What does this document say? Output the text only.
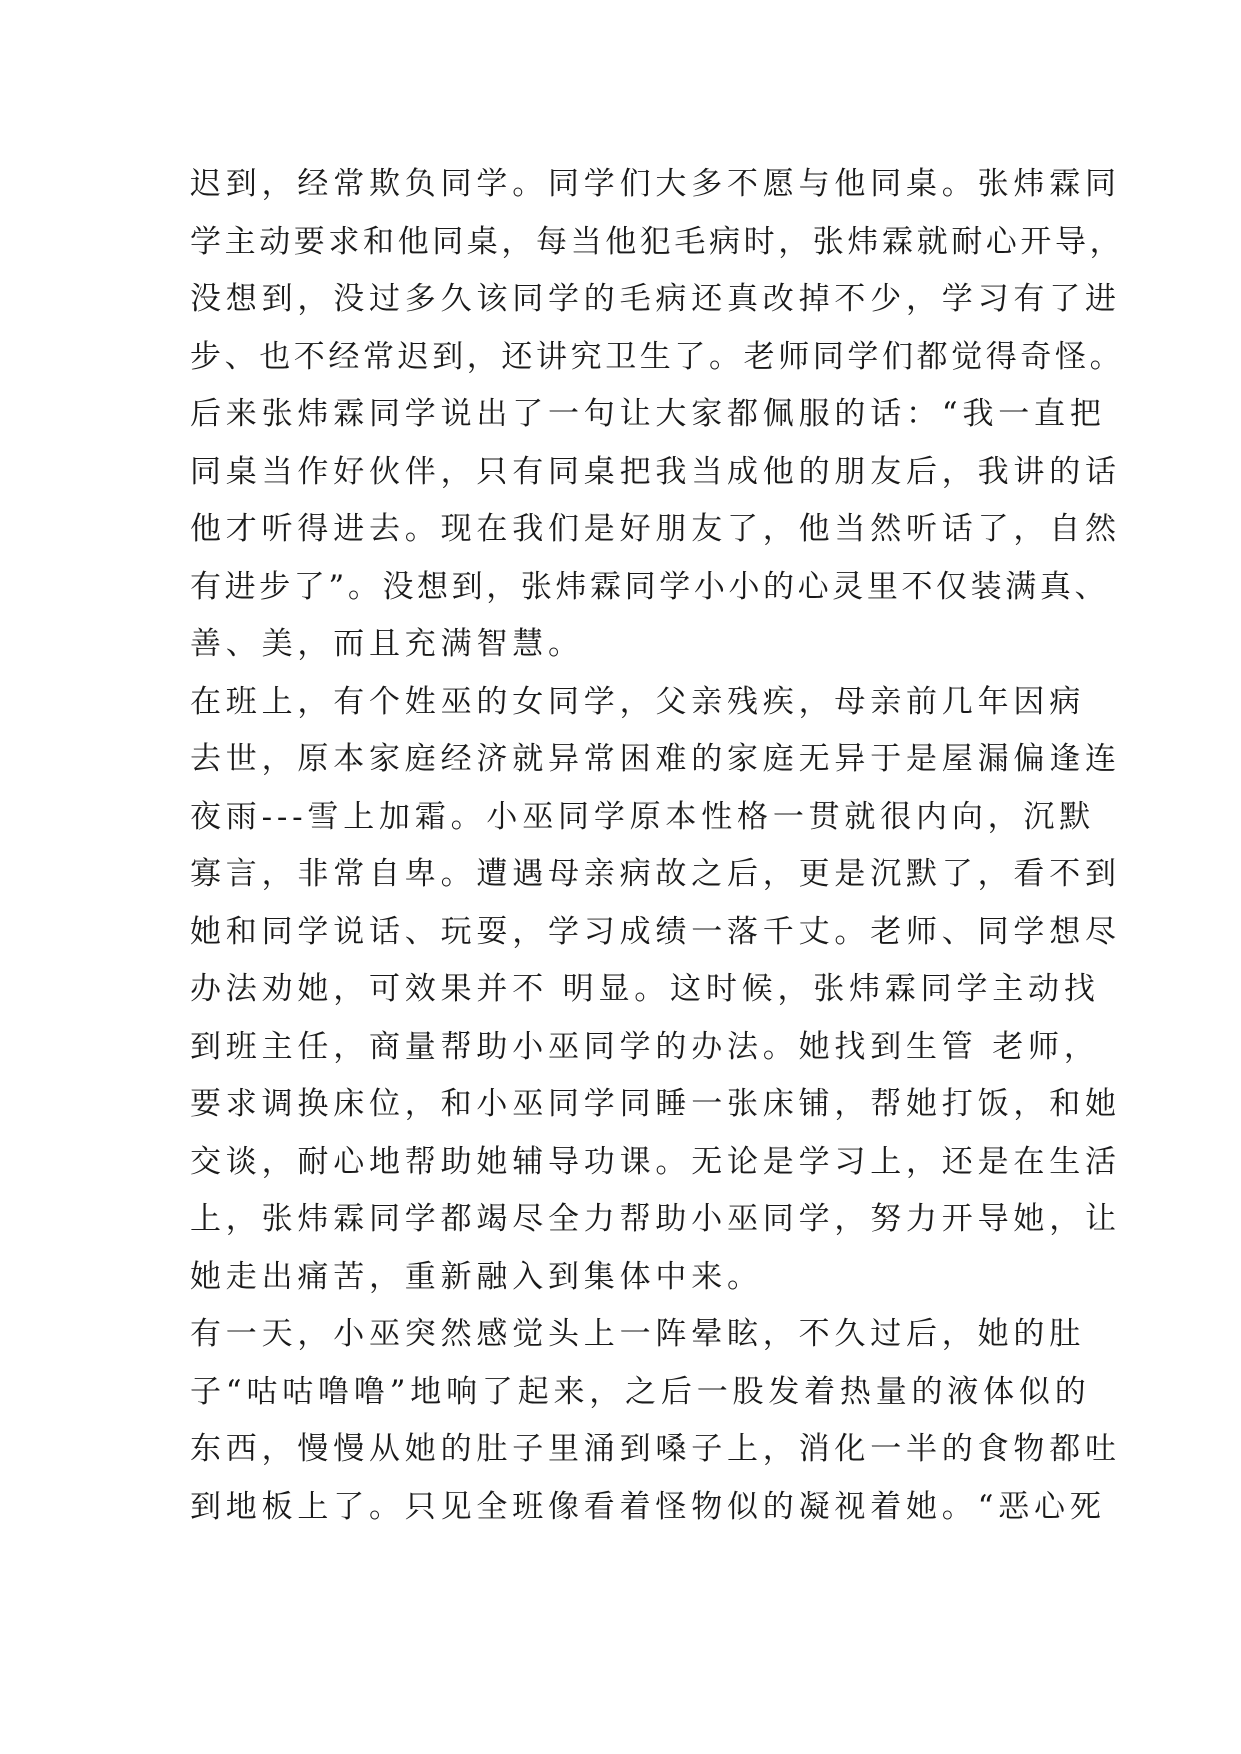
迟到，经常欺负同学。同学们大多不愿与他同桌。张炜霖同
学主动要求和他同桌，每当他犯毛病时，张炜霖就耐心开导，
没想到，没过多久该同学的毛病还真改掉不少，学习有了进
步、也不经常迟到，还讲究卫生了。老师同学们都觉得奇怪。
后来张炜霖同学说出了一句让大家都佩服的话：“我一直把
同桌当作好伙伴，只有同桌把我当成他的朋友后，我讲的话
他才听得进去。现在我们是好朋友了，他当然听话了，自然
有进步了”。没想到，张炜霖同学小小的心灵里不仅装满真、
善、美，而且充满智慧。
在班上，有个姓巫的女同学，父亲残疾，母亲前几年因病
去世，原本家庭经济就异常困难的家庭无异于是屋漏偏逢连
夜雨---雪上加霜。小巫同学原本性格一贯就很内向，沉默
寡言，非常自卑。遭遇母亲病故之后，更是沉默了，看不到
她和同学说话、玩耍，学习成绩一落千丈。老师、同学想尽
办法劝她，可效果并不 明显。这时候，张炜霖同学主动找
到班主任，商量帮助小巫同学的办法。她找到生管 老师，
要求调换床位，和小巫同学同睡一张床铺，帮她打饭，和她
交谈，耐心地帮助她辅导功课。无论是学习上，还是在生活
上，张炜霖同学都竭尽全力帮助小巫同学，努力开导她，让
她走出痛苦，重新融入到集体中来。
有一天，小巫突然感觉头上一阵晕眩，不久过后，她的肚
子“咕咕噜噜”地响了起来，之后一股发着热量的液体似的
东西，慢慢从她的肚子里涌到嗓子上，消化一半的食物都吐
到地板上了。只见全班像看着怪物似的凝视着她。“恶心死
